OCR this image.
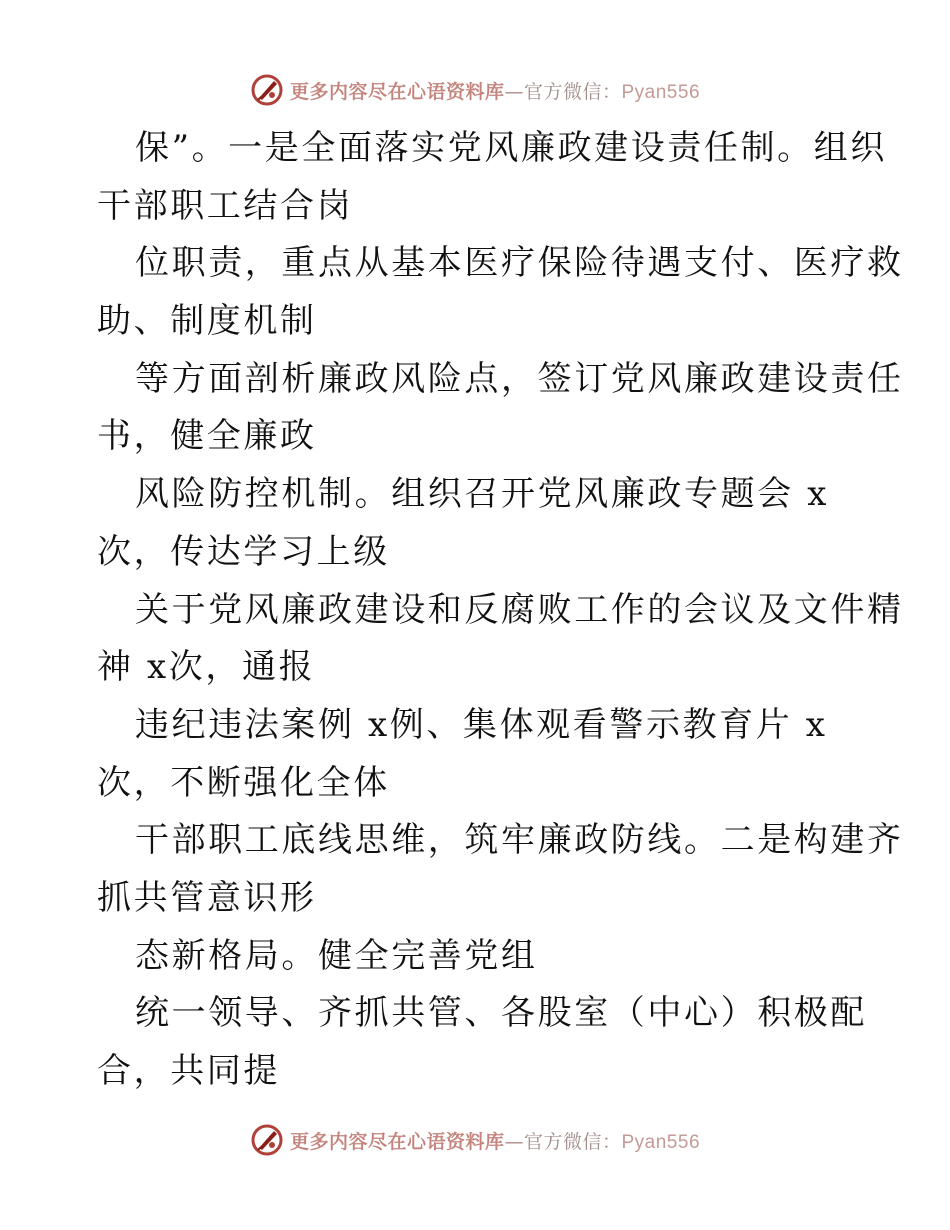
更多内容尽在心语资料库—官方微信：Pyan556
保”。一是全面落实党风廉政建设责任制。组织
干部职工结合岗
位职责，重点从基本医疗保险待遇支付、医疗救
助、制度机制
等方面剖析廉政风险点，签订党风廉政建设责任
书，健全廉政
风险防控机制。组织召开党风廉政专题会 x
次，传达学习上级
关于党风廉政建设和反腐败工作的会议及文件精
神 x次，通报
违纪违法案例 x例、集体观看警示教育片 x
次，不断强化全体
干部职工底线思维，筑牢廉政防线。二是构建齐
抓共管意识形
态新格局。健全完善党组
统一领导、齐抓共管、各股室（中心）积极配
合，共同提
更多内容尽在心语资料库—官方微信：Pyan556
